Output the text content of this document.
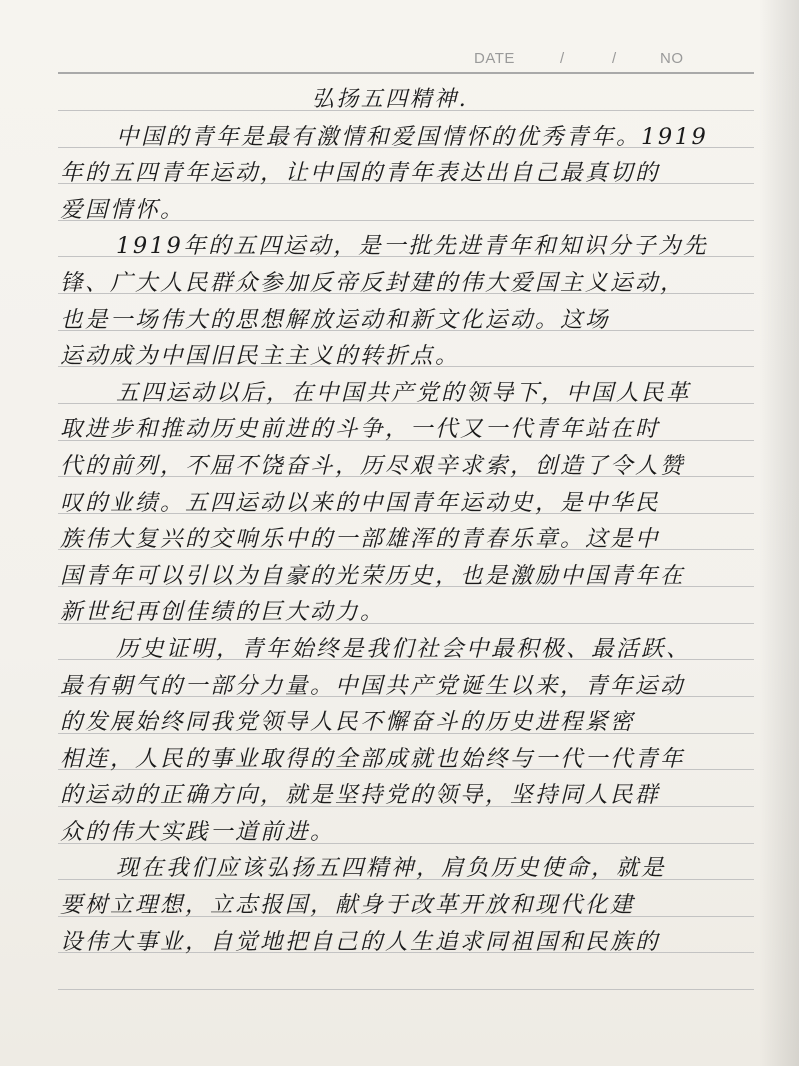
DATE	/	/	NO
弘扬五四精神.
中国的青年是最有激情和爱国情怀的优秀青年。1919
年的五四青年运动，让中国的青年表达出自己最真切的
爱国情怀。
1919年的五四运动，是一批先进青年和知识分子为先
锋、广大人民群众参加反帝反封建的伟大爱国主义运动，
也是一场伟大的思想解放运动和新文化运动。这场
运动成为中国旧民主主义的转折点。
五四运动以后，在中国共产党的领导下，中国人民革
取进步和推动历史前进的斗争，一代又一代青年站在时
代的前列，不屈不饶奋斗，历尽艰辛求索，创造了令人赞
叹的业绩。五四运动以来的中国青年运动史，是中华民
族伟大复兴的交响乐中的一部雄浑的青春乐章。这是中
国青年可以引以为自豪的光荣历史，也是激励中国青年在
新世纪再创佳绩的巨大动力。
历史证明，青年始终是我们社会中最积极、最活跃、
最有朝气的一部分力量。中国共产党诞生以来，青年运动
的发展始终同我党领导人民不懈奋斗的历史进程紧密
相连，人民的事业取得的全部成就也始终与一代一代青年
的运动的正确方向，就是坚持党的领导，坚持同人民群
众的伟大实践一道前进。
现在我们应该弘扬五四精神，肩负历史使命，就是
要树立理想，立志报国，献身于改革开放和现代化建
设伟大事业，自觉地把自己的人生追求同祖国和民族的
